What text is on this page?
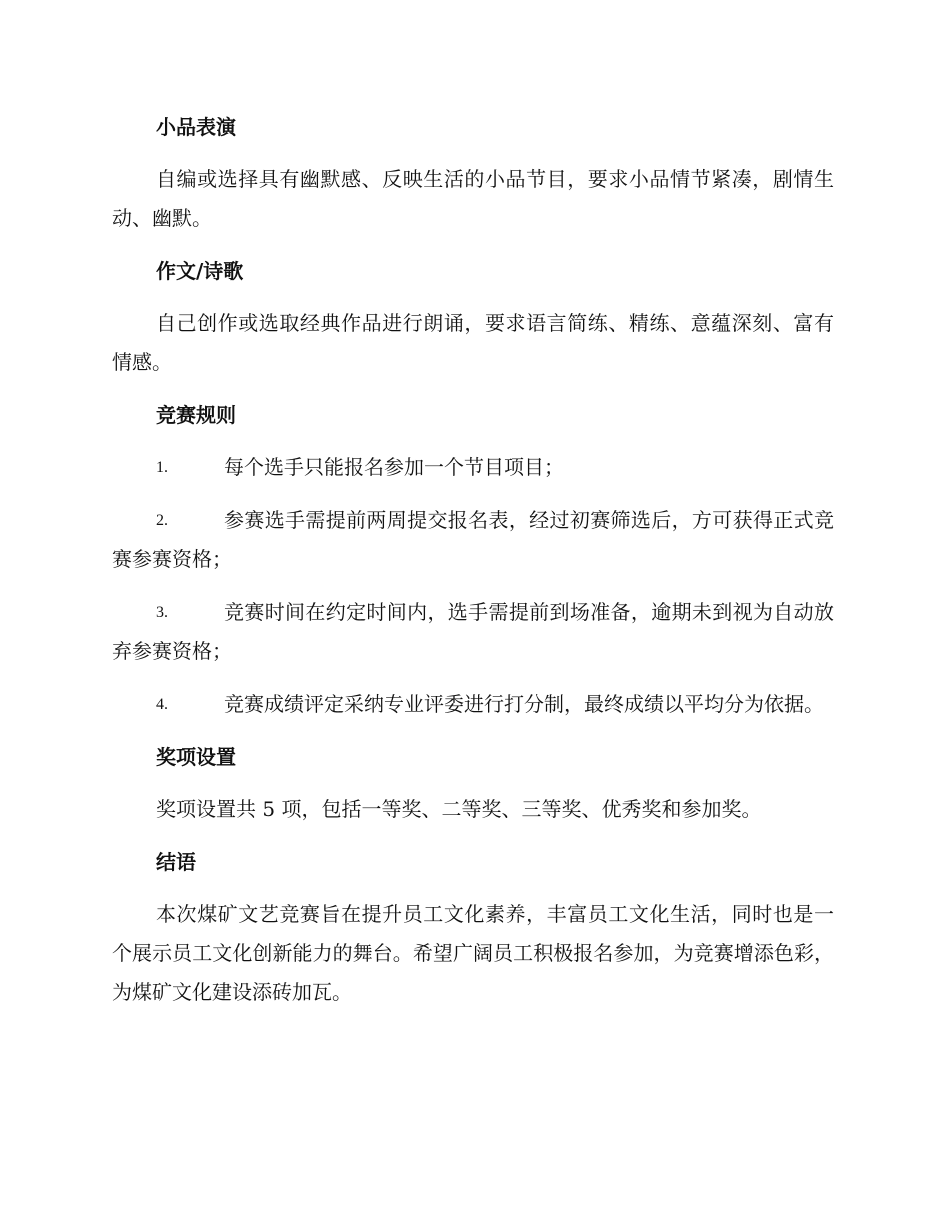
小品表演
自编或选择具有幽默感、反映生活的小品节目，要求小品情节紧凑，剧情生动、幽默。
作文/诗歌
自己创作或选取经典作品进行朗诵，要求语言简练、精练、意蕴深刻、富有情感。
竞赛规则
1.	每个选手只能报名参加一个节目项目；
2.	参赛选手需提前两周提交报名表，经过初赛筛选后，方可获得正式竞赛参赛资格；
3.	竞赛时间在约定时间内，选手需提前到场准备，逾期未到视为自动放弃参赛资格；
4.	竞赛成绩评定采纳专业评委进行打分制，最终成绩以平均分为依据。
奖项设置
奖项设置共 5 项，包括一等奖、二等奖、三等奖、优秀奖和参加奖。
结语
本次煤矿文艺竞赛旨在提升员工文化素养，丰富员工文化生活，同时也是一个展示员工文化创新能力的舞台。希望广阔员工积极报名参加，为竞赛增添色彩，为煤矿文化建设添砖加瓦。
